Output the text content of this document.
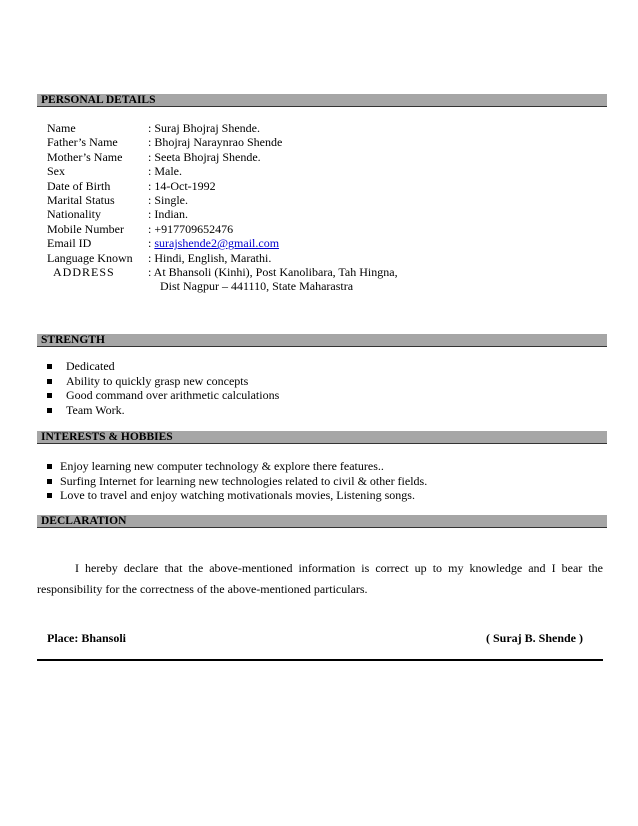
PERSONAL DETAILS
Name	: Suraj Bhojraj Shende.
Father’s Name	: Bhojraj Naraynrao Shende
Mother’s Name : Seeta Bhojraj Shende.
Sex	: Male.
Date of Birth	: 14-Oct-1992
Marital Status	: Single.
Nationality	: Indian.
Mobile Number : +917709652476
Email ID	: surajshende2@gmail.com
Language Known : Hindi, English, Marathi.
ADDRESS	: At Bhansoli (Kinhi), Post Kanolibara, Tah Hingna,
Dist Nagpur – 441110, State Maharastra
STRENGTH
Dedicated
Ability to quickly grasp new concepts
Good command over arithmetic calculations
Team Work.
INTERESTS & HOBBIES
Enjoy learning new computer technology & explore there features..
Surfing Internet for learning new technologies related to civil & other fields.
Love to travel and enjoy watching motivationals movies, Listening songs.
DECLARATION
I hereby declare that the above-mentioned information is correct up to my knowledge and I bear the responsibility for the correctness of the above-mentioned particulars.
Place: Bhansoli	( Suraj B. Shende )
